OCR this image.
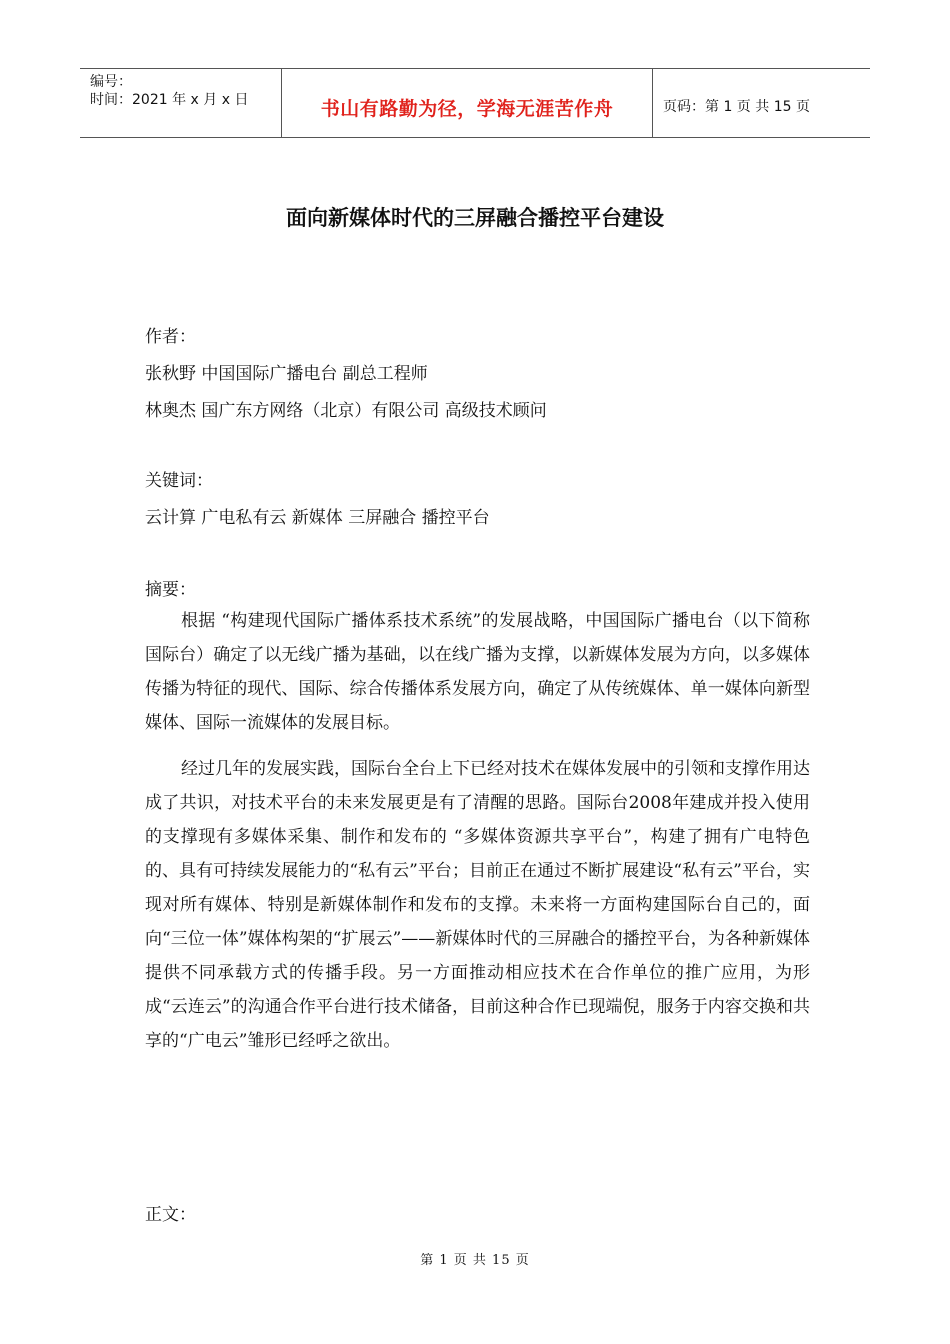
编号：
时间：2021 年 x 月 x 日	书山有路勤为径，学海无涯苦作舟	页码：第 1 页 共 15 页
面向新媒体时代的三屏融合播控平台建设
作者：
张秋野 中国国际广播电台 副总工程师
林奥杰 国广东方网络（北京）有限公司 高级技术顾问
关键词：
云计算 广电私有云 新媒体 三屏融合 播控平台
摘要：
根据 “构建现代国际广播体系技术系统”的发展战略，中国国际广播电台（以下简称国际台）确定了以无线广播为基础，以在线广播为支撑，以新媒体发展为方向，以多媒体传播为特征的现代、国际、综合传播体系发展方向，确定了从传统媒体、单一媒体向新型媒体、国际一流媒体的发展目标。
经过几年的发展实践，国际台全台上下已经对技术在媒体发展中的引领和支撑作用达成了共识，对技术平台的未来发展更是有了清醒的思路。国际台2008年建成并投入使用的支撑现有多媒体采集、制作和发布的 “多媒体资源共享平台”，构建了拥有广电特色的、具有可持续发展能力的“私有云”平台；目前正在通过不断扩展建设“私有云”平台，实现对所有媒体、特别是新媒体制作和发布的支撑。未来将一方面构建国际台自己的，面向“三位一体”媒体构架的“扩展云”——新媒体时代的三屏融合的播控平台，为各种新媒体提供不同承载方式的传播手段。另一方面推动相应技术在合作单位的推广应用，为形成“云连云”的沟通合作平台进行技术储备，目前这种合作已现端倪，服务于内容交换和共享的“广电云”雏形已经呼之欲出。
正文：
第 1 页 共 15 页
